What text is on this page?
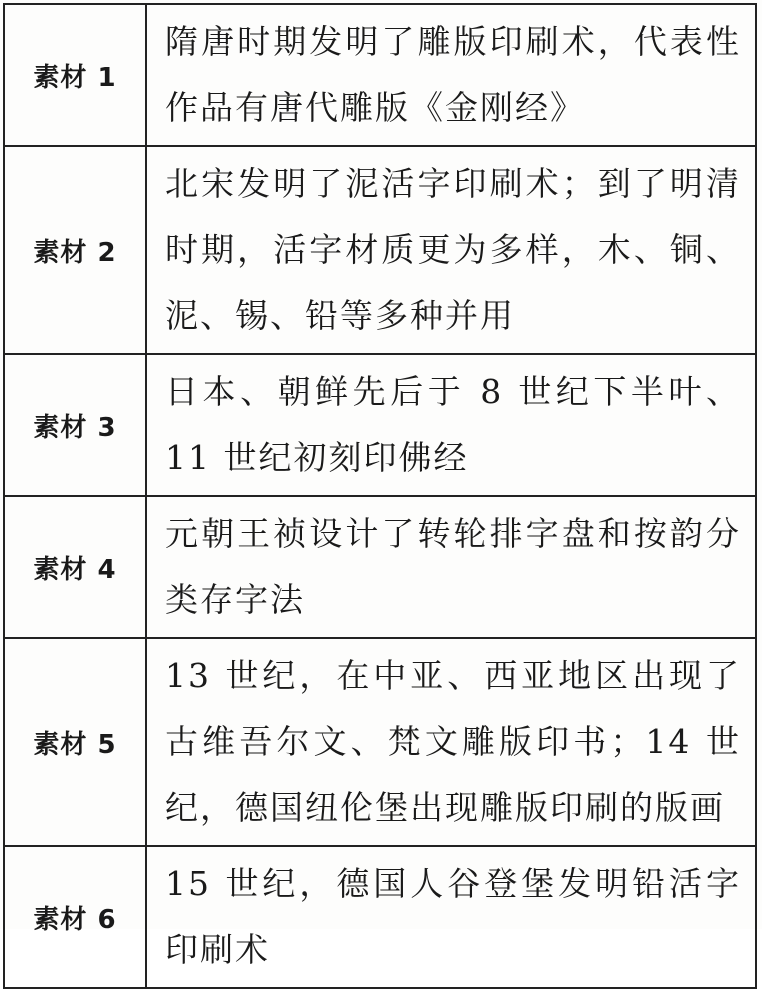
素材 1	隋唐时期发明了雕版印刷术，代表性作品有唐代雕版《金刚经》
素材 2	北宋发明了泥活字印刷术；到了明清时期，活字材质更为多样，木、铜、泥、锡、铅等多种并用
素材 3	日本、朝鲜先后于 8 世纪下半叶、11 世纪初刻印佛经
素材 4	元朝王祯设计了转轮排字盘和按韵分类存字法
素材 5	13 世纪，在中亚、西亚地区出现了古维吾尔文、梵文雕版印书；14 世纪，德国纽伦堡出现雕版印刷的版画
素材 6	15 世纪，德国人谷登堡发明铅活字印刷术
